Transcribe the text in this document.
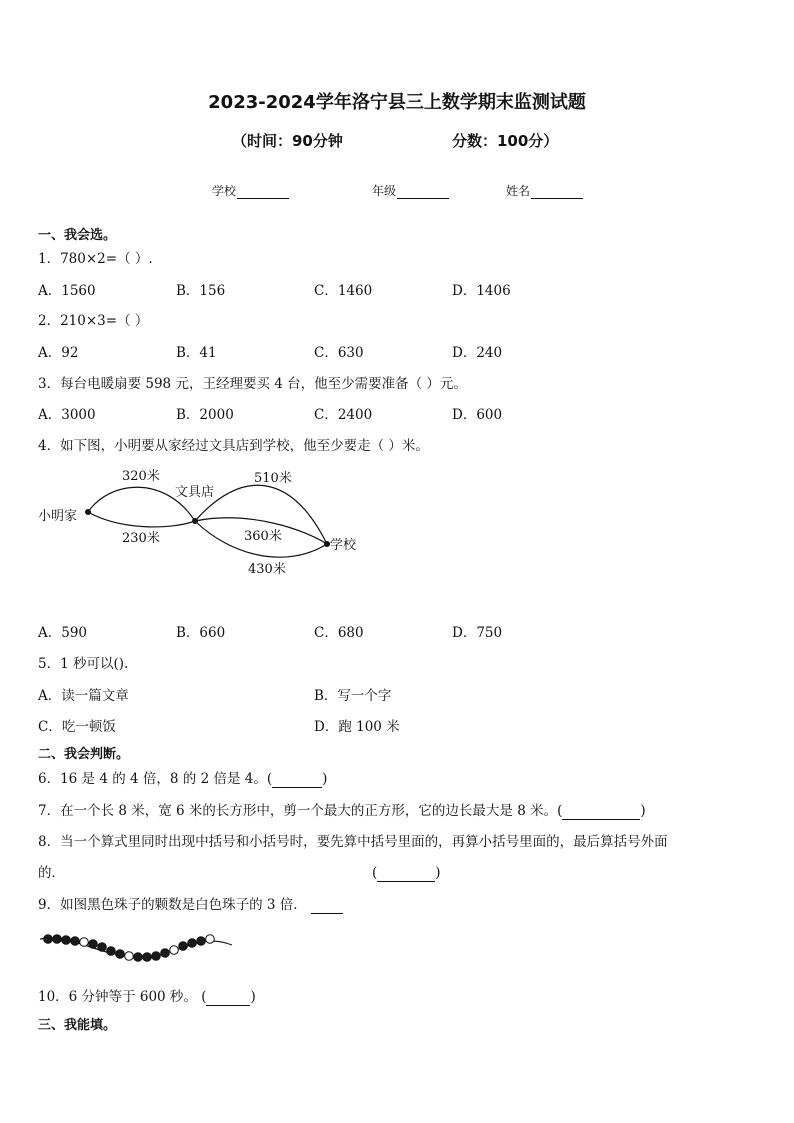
2023-2024学年洛宁县三上数学期末监测试题
（时间：90分钟	分数：100分）
学校	年级	姓名
一、我会选。
1．780×2=（ ）.
A．1560	B．156	C．1460	D．1406
2．210×3=（ ）
A．92	B．41	C．630	D．240
3．每台电暖扇要 598 元，王经理要买 4 台，他至少需要准备（ ）元。
A．3000	B．2000	C．2400	D．600
4．如下图，小明要从家经过文具店到学校，他至少要走（ ）米。
小明家
文具店
学校
320米
230米
510米
360米
430米
A．590	B．660	C．680	D．750
5．1 秒可以().
A．读一篇文章	B．写一个字
C．吃一顿饭	D．跑 100 米
二、我会判断。
6．16 是 4 的 4 倍，8 的 2 倍是 4。(	)
7．在一个长 8 米，宽 6 米的长方形中，剪一个最大的正方形，它的边长最大是 8 米。(	)
8．当一个算式里同时出现中括号和小括号时，要先算中括号里面的，再算小括号里面的，最后算括号外面
的．	(	)
9．如图黑色珠子的颗数是白色珠子的 3 倍．
10．6 分钟等于 600 秒。 (	)
三、我能填。
